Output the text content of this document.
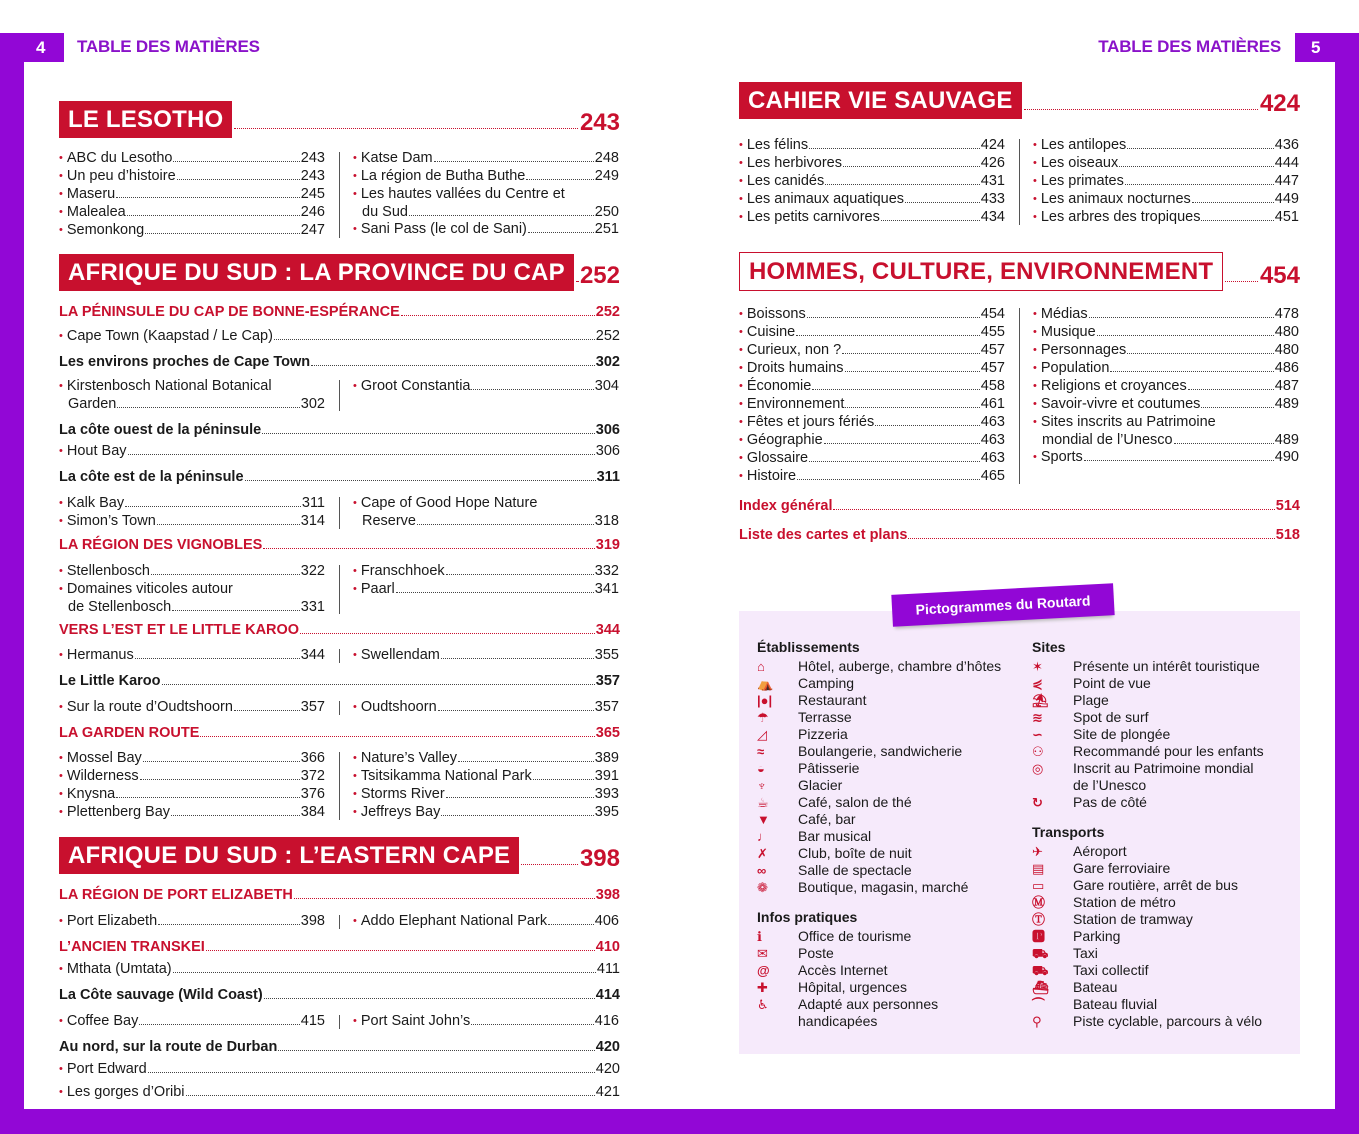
4	5
TABLE DES MATIÈRES	TABLE DES MATIÈRES
LE LESOTHO	243
• ABC du Lesotho	243
• Un peu d’histoire	243
• Maseru	245
• Malealea	246
• Semonkong	247
• Katse Dam	248
• La région de Butha Buthe	249
• Les hautes vallées du Centre et
du Sud	250
• Sani Pass (le col de Sani)	251
AFRIQUE DU SUD : LA PROVINCE DU CAP 252
LA PÉNINSULE DU CAP DE BONNE-ESPÉRANCE	252
• Cape Town (Kaapstad / Le Cap)	252
Les environs proches de Cape Town	302
• Kirstenbosch National Botanical
Garden	302
• Groot Constantia	304
La côte ouest de la péninsule	306
• Hout Bay	306
La côte est de la péninsule	311
• Kalk Bay	311
• Simon’s Town	314
• Cape of Good Hope Nature
Reserve	318
LA RÉGION DES VIGNOBLES	319
• Stellenbosch	322
• Domaines viticoles autour
de Stellenbosch	331
• Franschhoek	332
• Paarl	341
VERS L’EST ET LE LITTLE KAROO	344
• Hermanus	344	• Swellendam	355
Le Little Karoo	357
• Sur la route d’Oudtshoorn	357	• Oudtshoorn	357
LA GARDEN ROUTE	365
• Mossel Bay	366
• Wilderness	372
• Knysna	376
• Plettenberg Bay	384
• Nature’s Valley	389
• Tsitsikamma National Park	391
• Storms River	393
• Jeffreys Bay	395
AFRIQUE DU SUD : L’EASTERN CAPE	398
LA RÉGION DE PORT ELIZABETH	398
• Port Elizabeth	398	• Addo Elephant National Park	406
L’ANCIEN TRANSKEI	410
• Mthata (Umtata)	411
La Côte sauvage (Wild Coast)	414
• Coffee Bay	415	• Port Saint John’s	416
Au nord, sur la route de Durban	420
• Port Edward	420
• Les gorges d’Oribi	421
CAHIER VIE SAUVAGE	424
• Les félins	424
• Les herbivores	426
• Les canidés	431
• Les animaux aquatiques	433
• Les petits carnivores	434
• Les antilopes	436
• Les oiseaux	444
• Les primates	447
• Les animaux nocturnes	449
• Les arbres des tropiques	451
HOMMES, CULTURE, ENVIRONNEMENT	454
• Boissons	454
• Cuisine	455
• Curieux, non ?	457
• Droits humains	457
• Économie	458
• Environnement	461
• Fêtes et jours fériés	463
• Géographie	463
• Glossaire	463
• Histoire	465
• Médias	478
• Musique	480
• Personnages	480
• Population	486
• Religions et croyances	487
• Savoir-vivre et coutumes	489
• Sites inscrits au Patrimoine
mondial de l’Unesco	489
• Sports	490
Index général	514
Liste des cartes et plans	518
Pictogrammes du Routard
Établissements
⌂	Hôtel, auberge, chambre d’hôtes
⛺	Camping
|●|	Restaurant
☂	Terrasse
◿	Pizzeria
≈	Boulangerie, sandwicherie
◒	Pâtisserie
♆	Glacier
☕	Café, salon de thé
▼	Café, bar
♩	Bar musical
✗	Club, boîte de nuit
∞	Salle de spectacle
❁	Boutique, magasin, marché
Infos pratiques
ℹ	Office de tourisme
✉	Poste
@	Accès Internet
✚	Hôpital, urgences
♿	Adapté aux personnes
handicapées
Sites
✶	Présente un intérêt touristique
⋞	Point de vue
⛱	Plage
≋	Spot de surf
∽	Site de plongée
⚇	Recommandé pour les enfants
◎	Inscrit au Patrimoine mondial
de l’Unesco
↻	Pas de côté
Transports
✈	Aéroport
▤	Gare ferroviaire
▭	Gare routière, arrêt de bus
Ⓜ	Station de métro
Ⓣ	Station de tramway
🅿	Parking
⛟	Taxi
⛟	Taxi collectif
⛴	Bateau
⏜	Bateau fluvial
⚲	Piste cyclable, parcours à vélo
